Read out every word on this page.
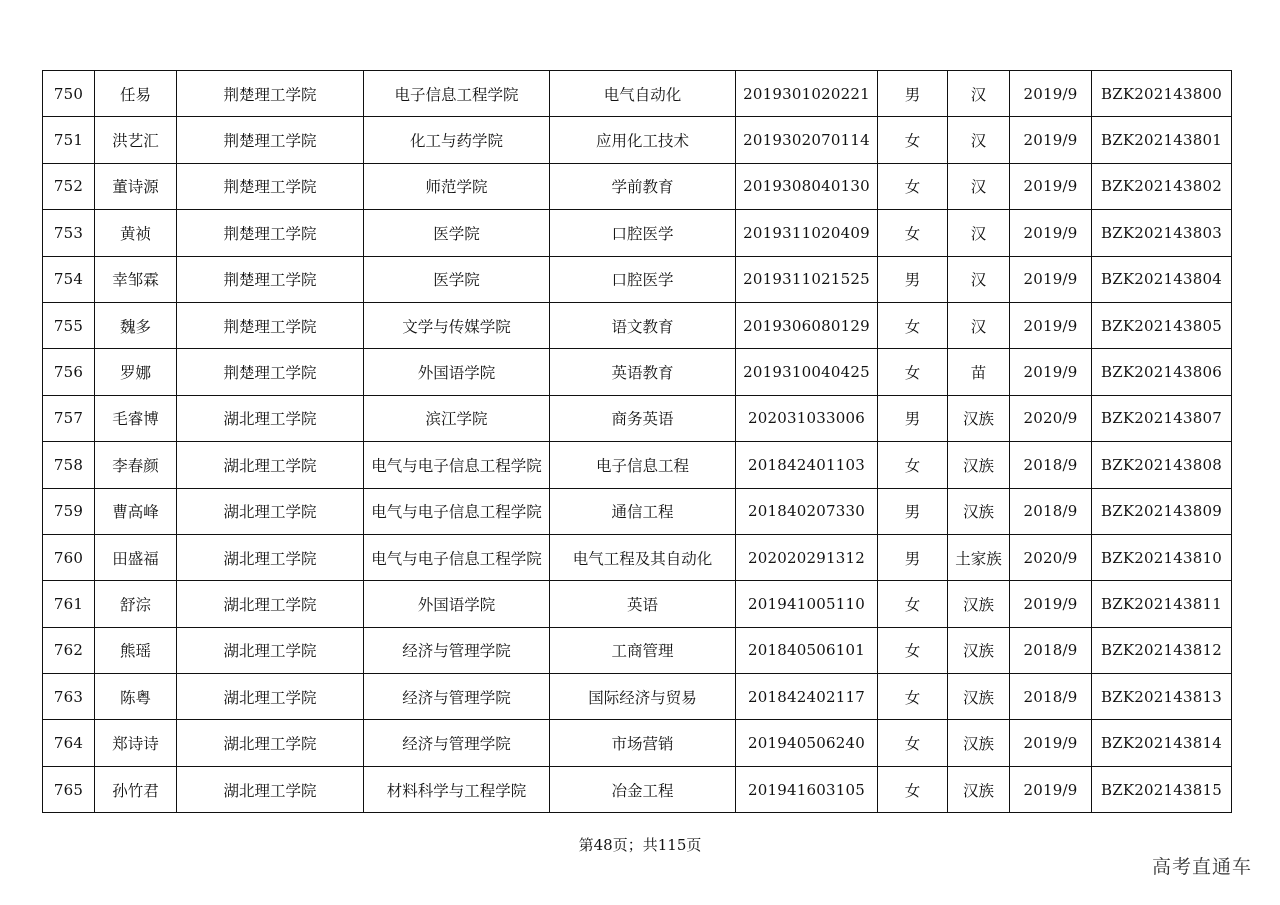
750	任易	荆楚理工学院	电子信息工程学院	电气自动化	2019301020221	男	汉	2019/9	BZK202143800
751	洪艺汇	荆楚理工学院	化工与药学院	应用化工技术	2019302070114	女	汉	2019/9	BZK202143801
752	董诗源	荆楚理工学院	师范学院	学前教育	2019308040130	女	汉	2019/9	BZK202143802
753	黄祯	荆楚理工学院	医学院	口腔医学	2019311020409	女	汉	2019/9	BZK202143803
754	幸邹霖	荆楚理工学院	医学院	口腔医学	2019311021525	男	汉	2019/9	BZK202143804
755	魏多	荆楚理工学院	文学与传媒学院	语文教育	2019306080129	女	汉	2019/9	BZK202143805
756	罗娜	荆楚理工学院	外国语学院	英语教育	2019310040425	女	苗	2019/9	BZK202143806
757	毛睿博	湖北理工学院	滨江学院	商务英语	202031033006	男	汉族	2020/9	BZK202143807
758	李春颜	湖北理工学院	电气与电子信息工程学院	电子信息工程	201842401103	女	汉族	2018/9	BZK202143808
759	曹高峰	湖北理工学院	电气与电子信息工程学院	通信工程	201840207330	男	汉族	2018/9	BZK202143809
760	田盛福	湖北理工学院	电气与电子信息工程学院	电气工程及其自动化	202020291312	男	土家族	2020/9	BZK202143810
761	舒淙	湖北理工学院	外国语学院	英语	201941005110	女	汉族	2019/9	BZK202143811
762	熊瑶	湖北理工学院	经济与管理学院	工商管理	201840506101	女	汉族	2018/9	BZK202143812
763	陈粤	湖北理工学院	经济与管理学院	国际经济与贸易	201842402117	女	汉族	2018/9	BZK202143813
764	郑诗诗	湖北理工学院	经济与管理学院	市场营销	201940506240	女	汉族	2019/9	BZK202143814
765	孙竹君	湖北理工学院	材料科学与工程学院	冶金工程	201941603105	女	汉族	2019/9	BZK202143815
第48页；共115页
高考直通车
